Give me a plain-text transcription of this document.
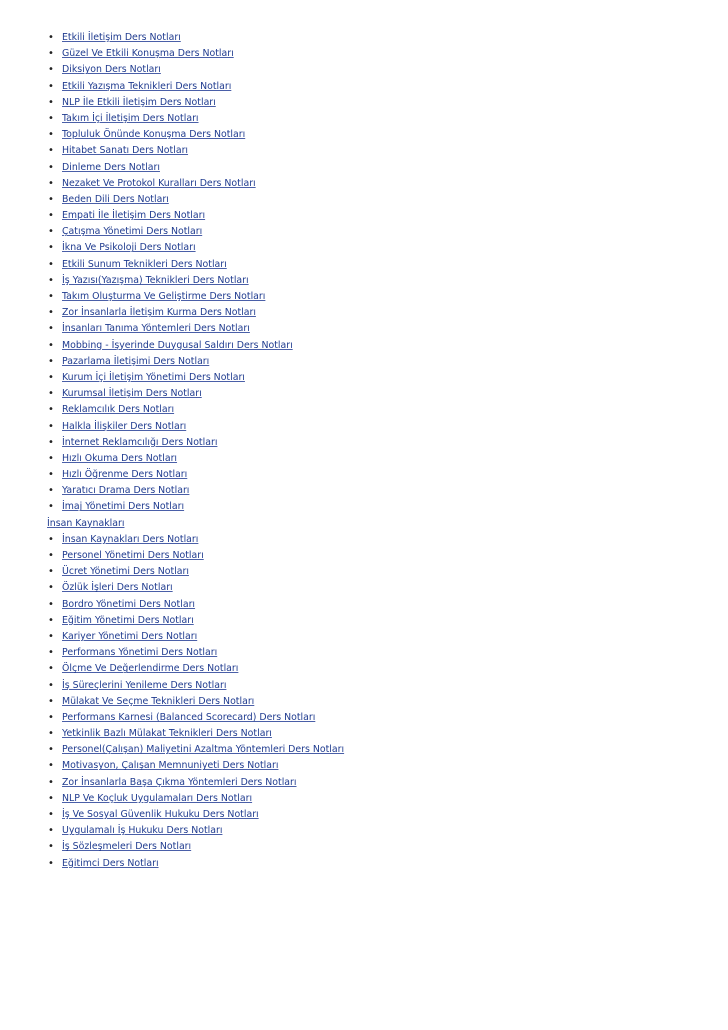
• Etkili İletişim Ders Notları
• Güzel Ve Etkili Konuşma Ders Notları
• Diksiyon Ders Notları
• Etkili Yazışma Teknikleri Ders Notları
• NLP İle Etkili İletişim Ders Notları
• Takım İçi İletişim Ders Notları
• Topluluk Önünde Konuşma Ders Notları
• Hitabet Sanatı Ders Notları
• Dinleme Ders Notları
• Nezaket Ve Protokol Kuralları Ders Notları
• Beden Dili Ders Notları
• Empati İle İletişim Ders Notları
• Çatışma Yönetimi Ders Notları
• İkna Ve Psikoloji Ders Notları
• Etkili Sunum Teknikleri Ders Notları
• İş Yazısı(Yazışma) Teknikleri Ders Notları
• Takım Oluşturma Ve Geliştirme Ders Notları
• Zor İnsanlarla İletişim Kurma Ders Notları
• İnsanları Tanıma Yöntemleri Ders Notları
• Mobbing - İşyerinde Duygusal Saldırı Ders Notları
• Pazarlama İletişimi Ders Notları
• Kurum İçi İletişim Yönetimi Ders Notları
• Kurumsal İletişim Ders Notları
• Reklamcılık Ders Notları
• Halkla İlişkiler Ders Notları
• İnternet Reklamcılığı Ders Notları
• Hızlı Okuma Ders Notları
• Hızlı Öğrenme Ders Notları
• Yaratıcı Drama Ders Notları
• İmaj Yönetimi Ders Notları
İnsan Kaynakları
• İnsan Kaynakları Ders Notları
• Personel Yönetimi Ders Notları
• Ücret Yönetimi Ders Notları
• Özlük İşleri Ders Notları
• Bordro Yönetimi Ders Notları
• Eğitim Yönetimi Ders Notları
• Kariyer Yönetimi Ders Notları
• Performans Yönetimi Ders Notları
• Ölçme Ve Değerlendirme Ders Notları
• İş Süreçlerini Yenileme Ders Notları
• Mülakat Ve Seçme Teknikleri Ders Notları
• Performans Karnesi (Balanced Scorecard) Ders Notları
• Yetkinlik Bazlı Mülakat Teknikleri Ders Notları
• Personel(Çalışan) Maliyetini Azaltma Yöntemleri Ders Notları
• Motivasyon, Çalışan Memnuniyeti Ders Notları
• Zor İnsanlarla Başa Çıkma Yöntemleri Ders Notları
• NLP Ve Koçluk Uygulamaları Ders Notları
• İş Ve Sosyal Güvenlik Hukuku Ders Notları
• Uygulamalı İş Hukuku Ders Notları
• İş Sözleşmeleri Ders Notları
• Eğitimci Ders Notları
